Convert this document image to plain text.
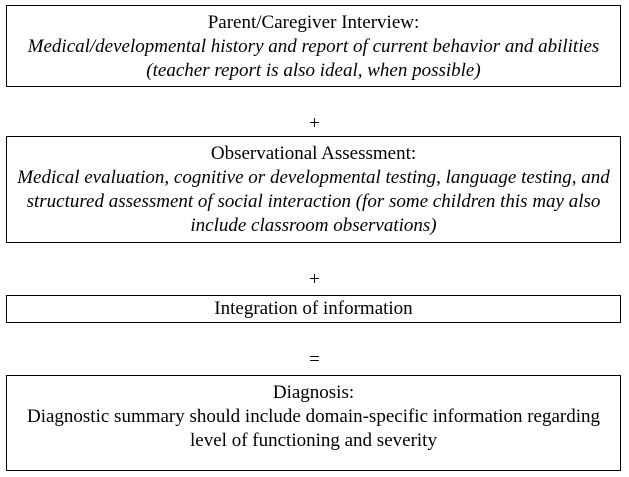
Parent/Caregiver Interview:
Medical/developmental history and report of current behavior and abilities (teacher report is also ideal, when possible)
+
Observational Assessment:
Medical evaluation, cognitive or developmental testing, language testing, and structured assessment of social interaction (for some children this may also include classroom observations)
+
Integration of information
=
Diagnosis:
Diagnostic summary should include domain-specific information regarding level of functioning and severity
